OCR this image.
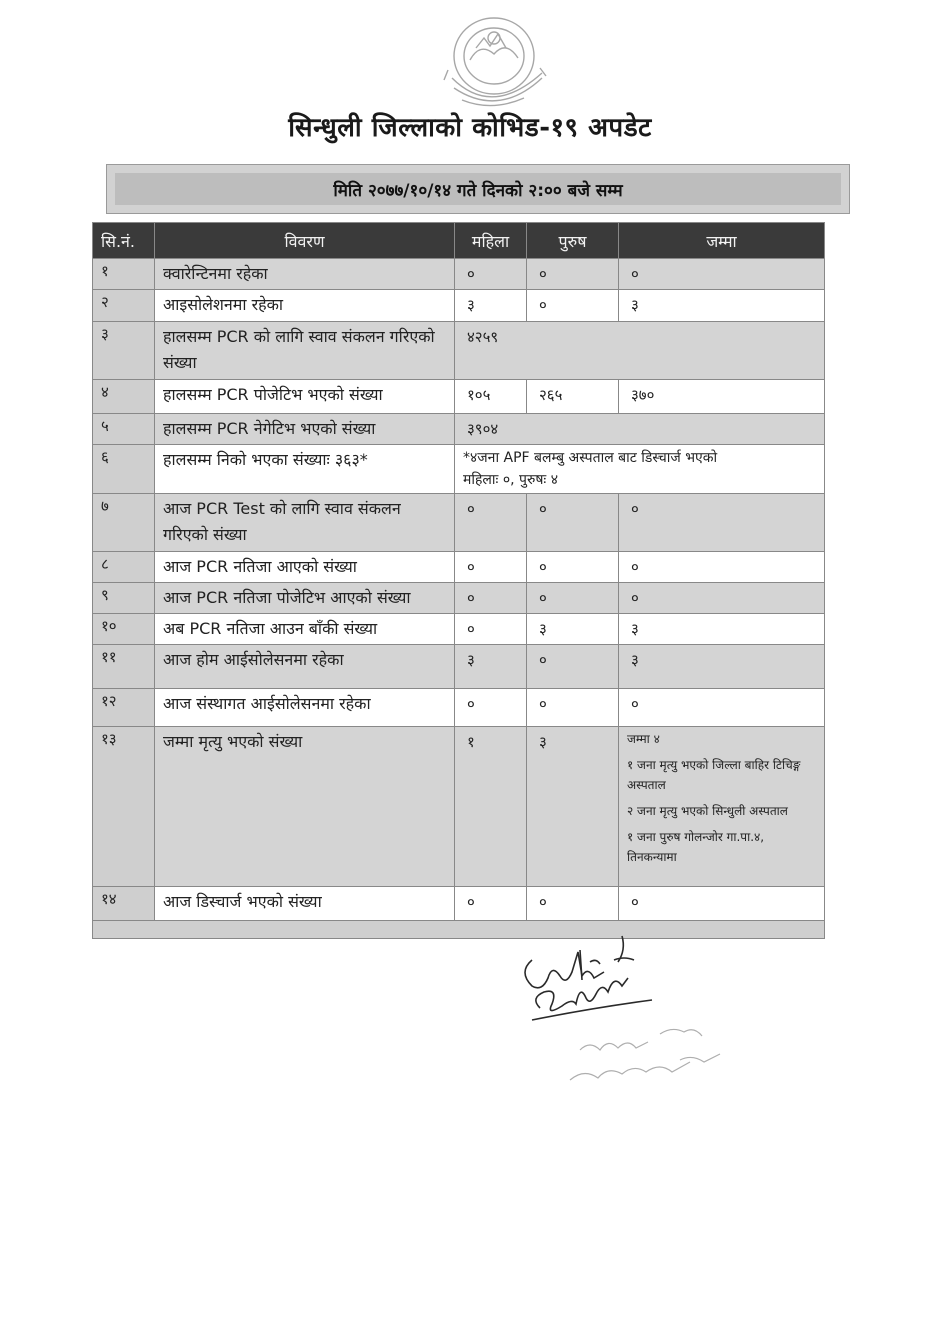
सिन्धुली जिल्लाको कोभिड-१९ अपडेट
मिति २०७७/१०/१४ गते दिनको २:०० बजे सम्म
सि.नं.	विवरण	महिला	पुरुष	जम्मा
१	क्वारेन्टिनमा रहेका	०	०	०
२	आइसोलेशनमा रहेका	३	०	३
३	हालसम्म PCR को लागि स्वाव संकलन गरिएको संख्या	४२५९		
४	हालसम्म PCR पोजेटिभ भएको संख्या	१०५	२६५	३७०
५	हालसम्म PCR नेगेटिभ भएको संख्या	३९०४		
६	हालसम्म निको भएका संख्याः ३६३*	*४जना APF बलम्बु अस्पताल बाट डिस्चार्ज भएको
महिलाः ०, पुरुषः ४		

७	आज PCR Test को लागि स्वाव संकलन गरिएको संख्या	०	०	०
८	आज PCR नतिजा आएको संख्या	०	०	०
९	आज PCR नतिजा पोजेटिभ आएको संख्या	०	०	०
१०	अब PCR नतिजा आउन बाँकी संख्या	०	३	३
११	आज होम आईसोलेसनमा रहेका	३	०	३
१२	आज संस्थागत आईसोलेसनमा रहेका	०	०	०
१३	जम्मा मृत्यु भएको संख्या	१	३	जम्मा ४

१ जना मृत्यु भएको जिल्ला बाहिर टिचिङ्ग अस्पताल

२ जना मृत्यु भएको सिन्धुली अस्पताल

१ जना पुरुष गोलन्जोर गा.पा.४, तिनकन्यामा

१४	आज डिस्चार्ज भएको संख्या	०	०	०
